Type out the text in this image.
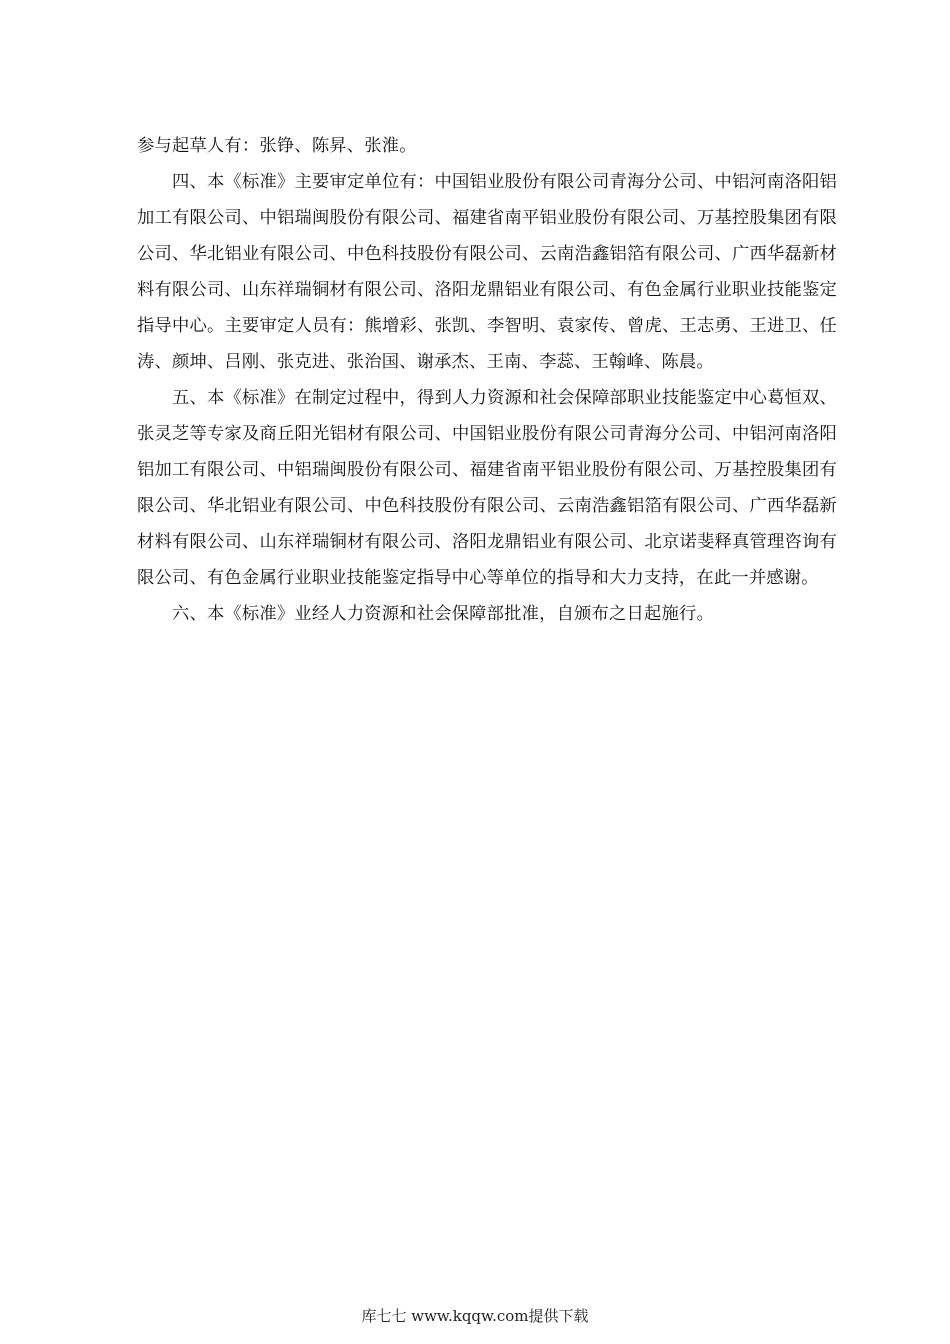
参与起草人有：张铮、陈昇、张淮。

四、本《标准》主要审定单位有：中国铝业股份有限公司青海分公司、中铝河南洛阳铝加工有限公司、中铝瑞闽股份有限公司、福建省南平铝业股份有限公司、万基控股集团有限公司、华北铝业有限公司、中色科技股份有限公司、云南浩鑫铝箔有限公司、广西华磊新材料有限公司、山东祥瑞铜材有限公司、洛阳龙鼎铝业有限公司、有色金属行业职业技能鉴定指导中心。主要审定人员有：熊增彩、张凯、李智明、袁家传、曾虎、王志勇、王进卫、任涛、颜坤、吕刚、张克进、张治国、谢承杰、王南、李蕊、王翰峰、陈晨。

五、本《标准》在制定过程中，得到人力资源和社会保障部职业技能鉴定中心葛恒双、张灵芝等专家及商丘阳光铝材有限公司、中国铝业股份有限公司青海分公司、中铝河南洛阳铝加工有限公司、中铝瑞闽股份有限公司、福建省南平铝业股份有限公司、万基控股集团有限公司、华北铝业有限公司、中色科技股份有限公司、云南浩鑫铝箔有限公司、广西华磊新材料有限公司、山东祥瑞铜材有限公司、洛阳龙鼎铝业有限公司、北京诺斐释真管理咨询有限公司、有色金属行业职业技能鉴定指导中心等单位的指导和大力支持，在此一并感谢。

六、本《标准》业经人力资源和社会保障部批准，自颁布之日起施行。

库七七 www.kqqw.com提供下载
